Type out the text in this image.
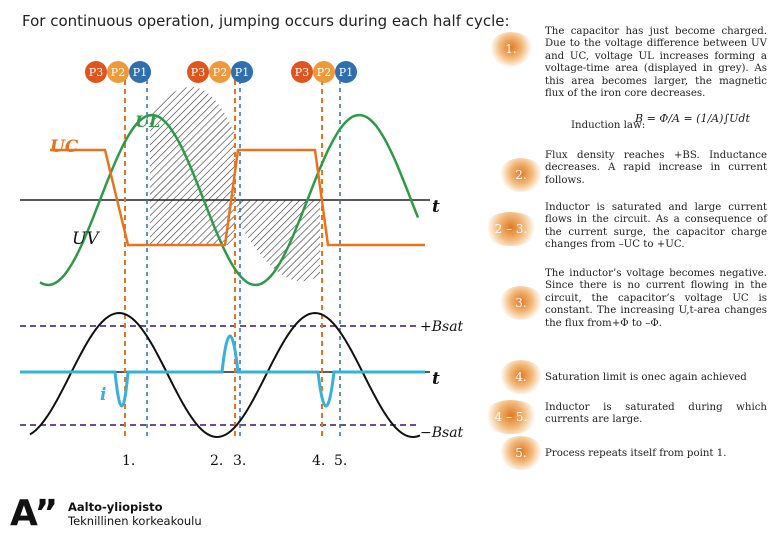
For continuous operation, jumping occurs during each half cycle:
P3 P2 P1	P3 P2 P1	P3 P2 P1
UL
UC
UV
t
t
+Bsat
−Bsat
i
1.	2. 3.	4. 5.
1.
The capacitor has just become charged. Due to the voltage difference between UV and UC, voltage UL increases forming a voltage-time area (displayed in grey). As this area becomes larger, the magnetic flux of the iron core decreases.
Induction law:
B = Φ/A = (1/A)∫Udt
2.
Flux density reaches +BS. Inductance decreases. A rapid increase in current follows.
2 – 3.
Inductor is saturated and large current flows in the circuit. As a consequence of the current surge, the capacitor charge changes from –UC to +UC.
3.
The inductor’s voltage becomes negative. Since there is no current flowing in the circuit, the capacitor’s voltage UC is constant. The increasing U,t-area changes the flux from+Φ to –Φ.
4.	Saturation limit is onec again achieved
4 – 5.
Inductor is saturated during which currents are large.
5.	Process repeats itself from point 1.
A” Aalto-yliopisto
Teknillinen korkeakoulu
